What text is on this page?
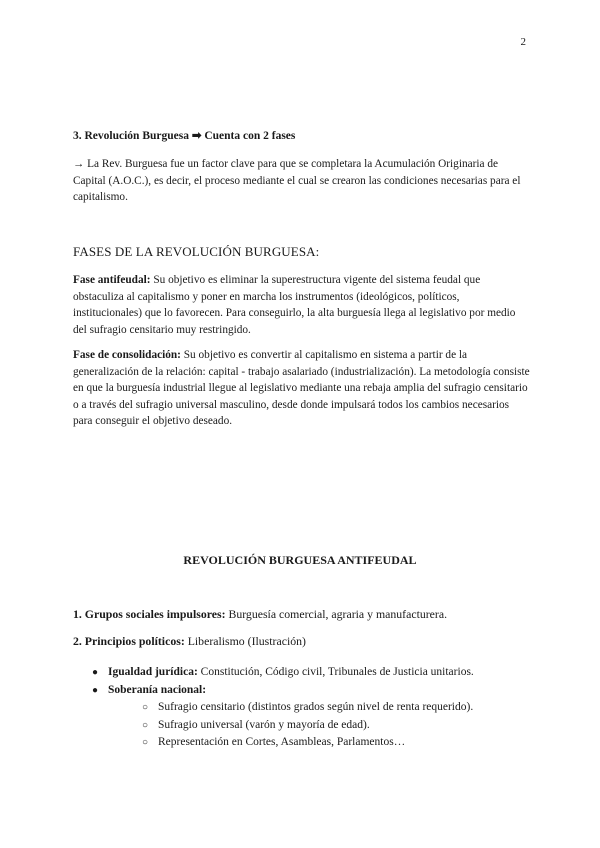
2
3. Revolución Burguesa ➡ Cuenta con 2 fases

→ La Rev. Burguesa fue un factor clave para que se completara la Acumulación Originaria de Capital (A.O.C.), es decir, el proceso mediante el cual se crearon las condiciones necesarias para el capitalismo.

FASES DE LA REVOLUCIÓN BURGUESA:

Fase antifeudal: Su objetivo es eliminar la superestructura vigente del sistema feudal que obstaculiza al capitalismo y poner en marcha los instrumentos (ideológicos, políticos, institucionales) que lo favorecen. Para conseguirlo, la alta burguesía llega al legislativo por medio del sufragio censitario muy restringido.

Fase de consolidación: Su objetivo es convertir al capitalismo en sistema a partir de la generalización de la relación: capital - trabajo asalariado (industrialización). La metodología consiste en que la burguesía industrial llegue al legislativo mediante una rebaja amplia del sufragio censitario o a través del sufragio universal masculino, desde donde impulsará todos los cambios necesarios para conseguir el objetivo deseado.

REVOLUCIÓN BURGUESA ANTIFEUDAL
1. Grupos sociales impulsores: Burguesía comercial, agraria y manufacturera.
2. Principios políticos: Liberalismo (Ilustración)
● Igualdad jurídica: Constitución, Código civil, Tribunales de Justicia unitarios.
● Soberanía nacional:
○ Sufragio censitario (distintos grados según nivel de renta requerido).
○ Sufragio universal (varón y mayoría de edad).
○ Representación en Cortes, Asambleas, Parlamentos…
